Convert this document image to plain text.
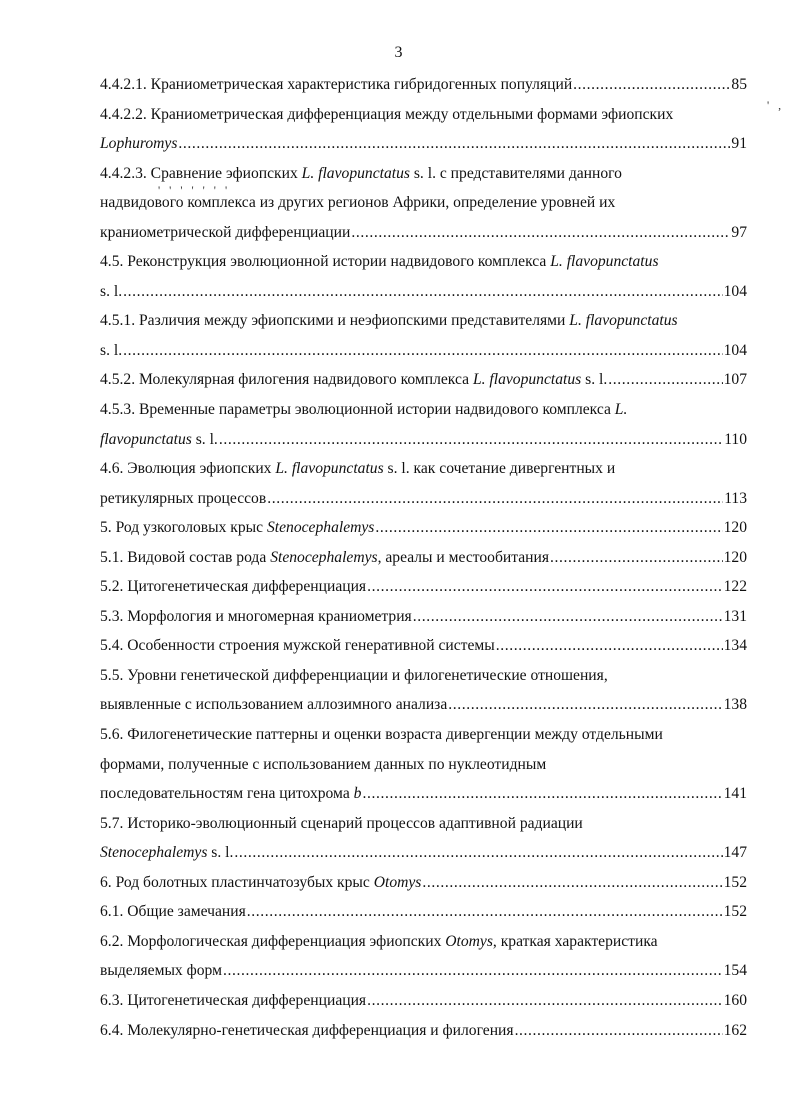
3
4.4.2.1. Краниометрическая характеристика гибридогенных популяций .....	85
4.4.2.2. Краниометрическая дифференциация между отдельными формами эфиопских
Lophuromys .....	91
4.4.2.3. Сравнение эфиопских L. flavopunctatus s. l. с представителями данного
надвидового комплекса из других регионов Африки, определение уровней их
краниометрической дифференциации .....	97
4.5. Реконструкция эволюционной истории надвидового комплекса L. flavopunctatus
s. l. .....	104
4.5.1. Различия между эфиопскими и неэфиопскими представителями L. flavopunctatus
s. l. .....	104
4.5.2. Молекулярная филогения надвидового комплекса L. flavopunctatus s. l. .....	107
4.5.3. Временные параметры эволюционной истории надвидового комплекса L.
flavopunctatus s. l. .....	110
4.6. Эволюция эфиопских L. flavopunctatus s. l. как сочетание дивергентных и
ретикулярных процессов .....	113
5. Род узкоголовых крыс Stenocephalemys .....	120
5.1. Видовой состав рода Stenocephalemys, ареалы и местообитания .....	120
5.2. Цитогенетическая дифференциация .....	122
5.3. Морфология и многомерная краниометрия .....	131
5.4. Особенности строения мужской генеративной системы .....	134
5.5. Уровни генетической дифференциации и филогенетические отношения,
выявленные с использованием аллозимного анализа .....	138
5.6. Филогенетические паттерны и оценки возраста дивергенции между отдельными
формами, полученные с использованием данных по нуклеотидным
последовательностям гена цитохрома b .....	141
5.7. Историко-эволюционный сценарий процессов адаптивной радиации
Stenocephalemys s. l. .....	147
6. Род болотных пластинчатозубых крыс Otomys .....	152
6.1. Общие замечания .....	152
6.2. Морфологическая дифференциация эфиопских Otomys, краткая характеристика
выделяемых форм .....	154
6.3. Цитогенетическая дифференциация .....	160
6.4. Молекулярно-генетическая дифференциация и филогения .....	162
' ,
' ' ' ' ' ' '
